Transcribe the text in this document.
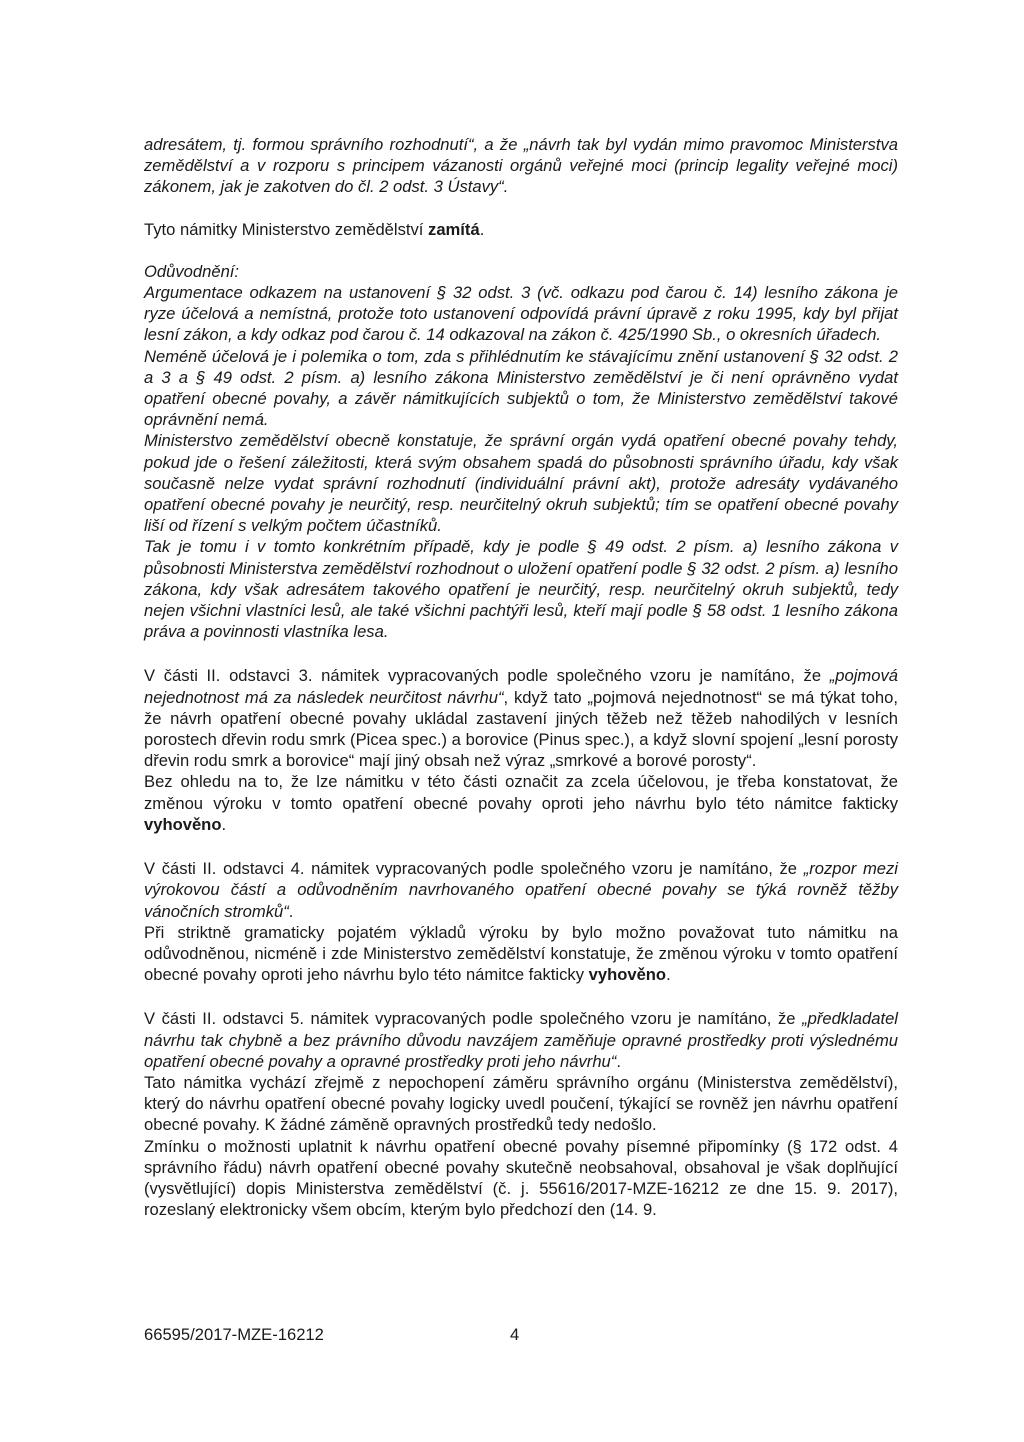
adresátem, tj. formou správního rozhodnutí“, a že „návrh tak byl vydán mimo pravomoc Ministerstva zemědělství a v rozporu s principem vázanosti orgánů veřejné moci (princip legality veřejné moci) zákonem, jak je zakotven do čl. 2 odst. 3 Ústavy“.
Tyto námitky Ministerstvo zemědělství zamítá.
Odůvodnění:
Argumentace odkazem na ustanovení § 32 odst. 3 (vč. odkazu pod čarou č. 14) lesního zákona je ryze účelová a nemístná, protože toto ustanovení odpovídá právní úpravě z roku 1995, kdy byl přijat lesní zákon, a kdy odkaz pod čarou č. 14 odkazoval na zákon č. 425/1990 Sb., o okresních úřadech.
Neméně účelová je i polemika o tom, zda s přihlédnutím ke stávajícímu znění ustanovení § 32 odst. 2 a 3 a § 49 odst. 2 písm. a) lesního zákona Ministerstvo zemědělství je či není oprávněno vydat opatření obecné povahy, a závěr námitkujících subjektů o tom, že Ministerstvo zemědělství takové oprávnění nemá.
Ministerstvo zemědělství obecně konstatuje, že správní orgán vydá opatření obecné povahy tehdy, pokud jde o řešení záležitosti, která svým obsahem spadá do působnosti správního úřadu, kdy však současně nelze vydat správní rozhodnutí (individuální právní akt), protože adresáty vydávaného opatření obecné povahy je neurčitý, resp. neurčitelný okruh subjektů; tím se opatření obecné povahy liší od řízení s velkým počtem účastníků.
Tak je tomu i v tomto konkrétním případě, kdy je podle § 49 odst. 2 písm. a) lesního zákona v působnosti Ministerstva zemědělství rozhodnout o uložení opatření podle § 32 odst. 2 písm. a) lesního zákona, kdy však adresátem takového opatření je neurčitý, resp. neurčitelný okruh subjektů, tedy nejen všichni vlastníci lesů, ale také všichni pachtýři lesů, kteří mají podle § 58 odst. 1 lesního zákona práva a povinnosti vlastníka lesa.
V části II. odstavci 3. námitek vypracovaných podle společného vzoru je namítáno, že „pojmová nejednotnost má za následek neurčitost návrhu“, když tato „pojmová nejednotnost“ se má týkat toho, že návrh opatření obecné povahy ukládal zastavení jiných těžeb než těžeb nahodilých v lesních porostech dřevin rodu smrk (Picea spec.) a borovice (Pinus spec.), a když slovní spojení „lesní porosty dřevin rodu smrk a borovice“ mají jiný obsah než výraz „smrkové a borové porosty“.
Bez ohledu na to, že lze námitku v této části označit za zcela účelovou, je třeba konstatovat, že změnou výroku v tomto opatření obecné povahy oproti jeho návrhu bylo této námitce fakticky vyhověno.
V části II. odstavci 4. námitek vypracovaných podle společného vzoru je namítáno, že „rozpor mezi výrokovou částí a odůvodněním navrhovaného opatření obecné povahy se týká rovněž těžby vánočních stromků“.
Při striktně gramaticky pojatém výkladů výroku by bylo možno považovat tuto námitku na odůvodněnou, nicméně i zde Ministerstvo zemědělství konstatuje, že změnou výroku v tomto opatření obecné povahy oproti jeho návrhu bylo této námitce fakticky vyhověno.
V části II. odstavci 5. námitek vypracovaných podle společného vzoru je namítáno, že „předkladatel návrhu tak chybně a bez právního důvodu navzájem zaměňuje opravné prostředky proti výslednému opatření obecné povahy a opravné prostředky proti jeho návrhu“.
Tato námitka vychází zřejmě z nepochopení záměru správního orgánu (Ministerstva zemědělství), který do návrhu opatření obecné povahy logicky uvedl poučení, týkající se rovněž jen návrhu opatření obecné povahy. K žádné záměně opravných prostředků tedy nedošlo.
Zmínku o možnosti uplatnit k návrhu opatření obecné povahy písemné připomínky (§ 172 odst. 4 správního řádu) návrh opatření obecné povahy skutečně neobsahoval, obsahoval je však doplňující (vysvětlující) dopis Ministerstva zemědělství (č. j. 55616/2017-MZE-16212 ze dne 15. 9. 2017), rozeslaný elektronicky všem obcím, kterým bylo předchozí den (14. 9.
66595/2017-MZE-16212	4
